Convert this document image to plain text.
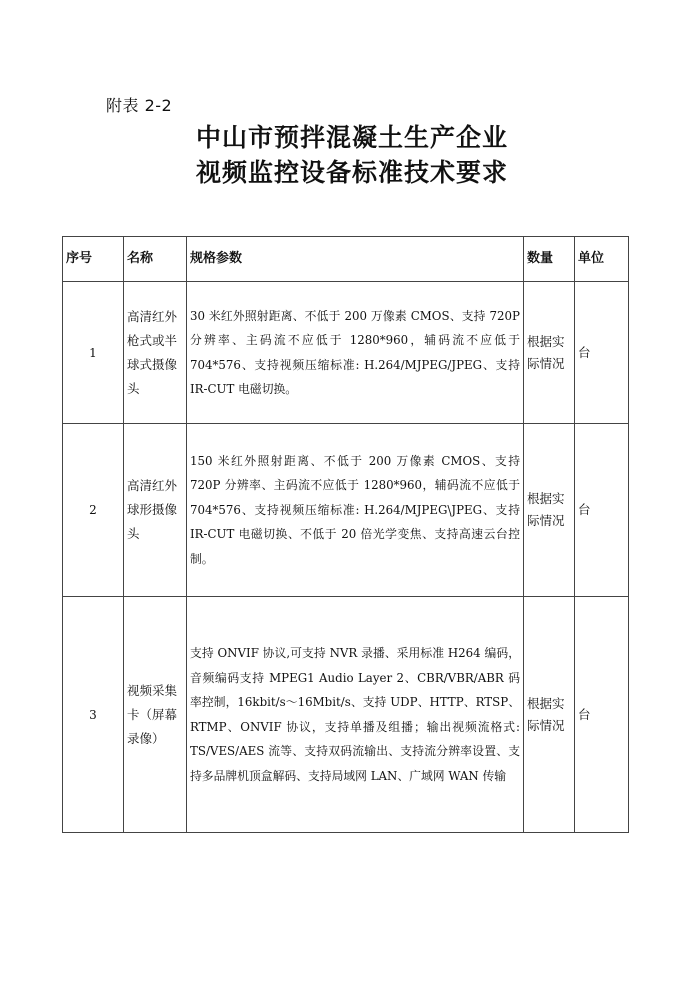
附表 2-2
中山市预拌混凝土生产企业
视频监控设备标准技术要求
序号	名称	规格参数	数量	单位
1	高清红外枪式或半球式摄像头	30 米红外照射距离、不低于 200 万像素 CMOS、支持 720P 分辨率、主码流不应低于 1280*960，辅码流不应低于 704*576、支持视频压缩标准: H.264/MJPEG/JPEG、支持 IR-CUT 电磁切换。	根据实际情况	台
2	高清红外球形摄像头	150 米红外照射距离、不低于 200 万像素 CMOS、支持 720P 分辨率、主码流不应低于 1280*960，辅码流不应低于 704*576、支持视频压缩标准: H.264/MJPEG\JPEG、支持 IR-CUT 电磁切换、不低于 20 倍光学变焦、支持高速云台控制。	根据实际情况	台
3	视频采集卡（屏幕录像）	支持 ONVIF 协议,可支持 NVR 录播、采用标准 H264 编码，音频编码支持 MPEG1 Audio Layer 2、CBR/VBR/ABR 码率控制，16kbit/s～16Mbit/s、支持 UDP、HTTP、RTSP、RTMP、ONVIF 协议，支持单播及组播；输出视频流格式: TS/VES/AES 流等、支持双码流输出、支持流分辨率设置、支持多品牌机顶盒解码、支持局域网 LAN、广域网 WAN 传输	根据实际情况	台
